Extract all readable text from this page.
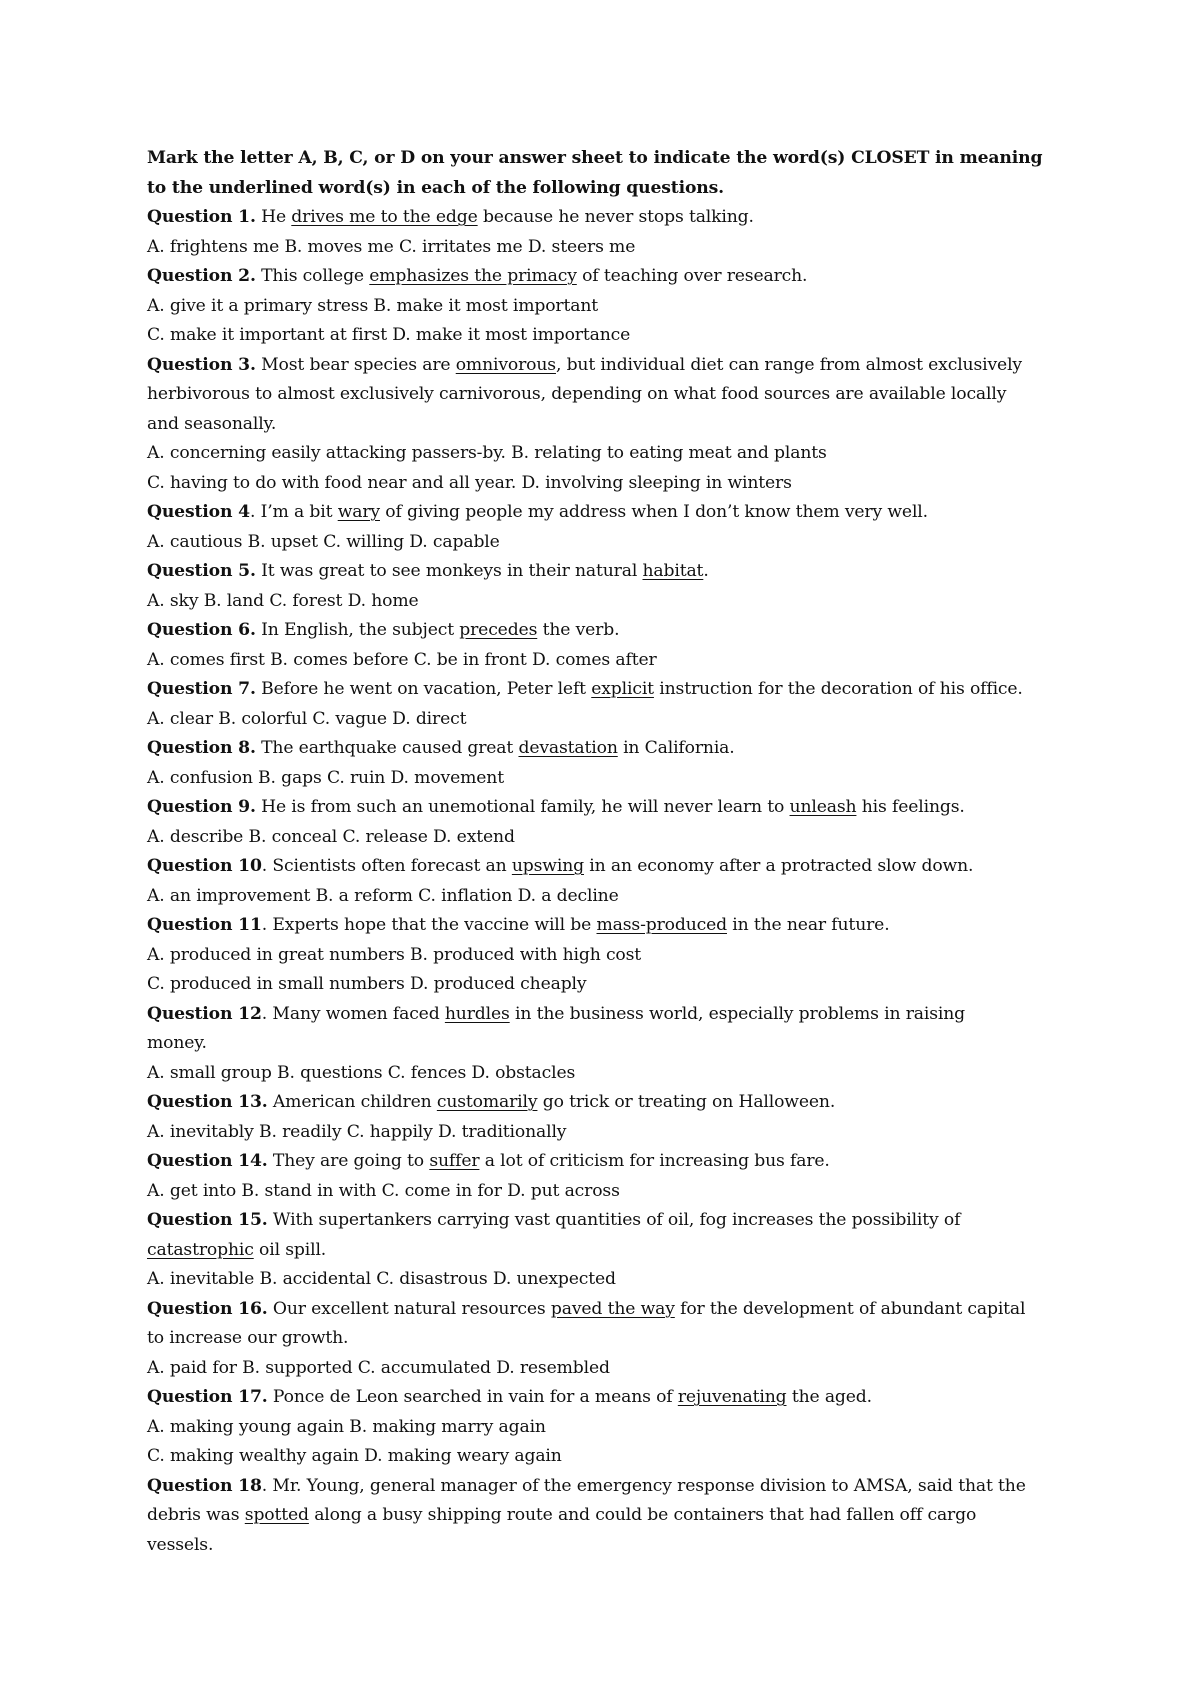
Mark the letter A, B, C, or D on your answer sheet to indicate the word(s) CLOSET in meaning
to the underlined word(s) in each of the following questions.
Question 1. He drives me to the edge because he never stops talking.
A. frightens me B. moves me C. irritates me D. steers me
Question 2. This college emphasizes the primacy of teaching over research.
A. give it a primary stress B. make it most important
C. make it important at first D. make it most importance
Question 3. Most bear species are omnivorous, but individual diet can range from almost exclusively
herbivorous to almost exclusively carnivorous, depending on what food sources are available locally
and seasonally.
A. concerning easily attacking passers-by. B. relating to eating meat and plants
C. having to do with food near and all year. D. involving sleeping in winters
Question 4. I’m a bit wary of giving people my address when I don’t know them very well.
A. cautious B. upset C. willing D. capable
Question 5. It was great to see monkeys in their natural habitat.
A. sky B. land C. forest D. home
Question 6. In English, the subject precedes the verb.
A. comes first B. comes before C. be in front D. comes after
Question 7. Before he went on vacation, Peter left explicit instruction for the decoration of his office.
A. clear B. colorful C. vague D. direct
Question 8. The earthquake caused great devastation in California.
A. confusion B. gaps C. ruin D. movement
Question 9. He is from such an unemotional family, he will never learn to unleash his feelings.
A. describe B. conceal C. release D. extend
Question 10. Scientists often forecast an upswing in an economy after a protracted slow down.
A. an improvement B. a reform C. inflation D. a decline
Question 11. Experts hope that the vaccine will be mass-produced in the near future.
A. produced in great numbers B. produced with high cost
C. produced in small numbers D. produced cheaply
Question 12. Many women faced hurdles in the business world, especially problems in raising
money.
A. small group B. questions C. fences D. obstacles
Question 13. American children customarily go trick or treating on Halloween.
A. inevitably B. readily C. happily D. traditionally
Question 14. They are going to suffer a lot of criticism for increasing bus fare.
A. get into B. stand in with C. come in for D. put across
Question 15. With supertankers carrying vast quantities of oil, fog increases the possibility of
catastrophic oil spill.
A. inevitable B. accidental C. disastrous D. unexpected
Question 16. Our excellent natural resources paved the way for the development of abundant capital
to increase our growth.
A. paid for B. supported C. accumulated D. resembled
Question 17. Ponce de Leon searched in vain for a means of rejuvenating the aged.
A. making young again B. making marry again
C. making wealthy again D. making weary again
Question 18. Mr. Young, general manager of the emergency response division to AMSA, said that the
debris was spotted along a busy shipping route and could be containers that had fallen off cargo
vessels.
